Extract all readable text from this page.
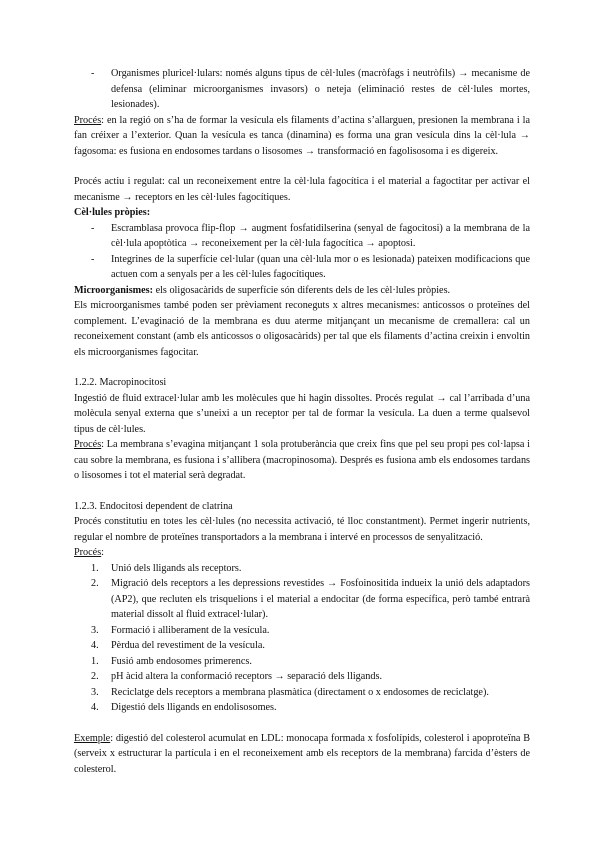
- Organismes pluricel·lulars: només alguns tipus de cèl·lules (macròfags i neutròfils) → mecanisme de defensa (eliminar microorganismes invasors) o neteja (eliminació restes de cèl·lules mortes, lesionades).

Procés: en la regió on s’ha de formar la vesícula els filaments d’actina s’allarguen, presionen la membrana i la fan créixer a l’exterior. Quan la vesícula es tanca (dinamina) es forma una gran vesícula dins la cèl·lula → fagosoma: es fusiona en endosomes tardans o lisosomes → transformació en fagolisosoma i es digereix.

Procés actiu i regulat: cal un reconeixement entre la cèl·lula fagocítica i el material a fagoctitar per activar el mecanisme → receptors en les cèl·lules fagocítiques.

Cèl·lules pròpies:

- Escramblasa provoca flip-flop → augment fosfatidilserina (senyal de fagocitosi) a la membrana de la cèl·lula apoptòtica → reconeixement per la cèl·lula fagocítica → apoptosi.
- Integrines de la superfície cel·lular (quan una cèl·lula mor o es lesionada) pateixen modificacions que actuen com a senyals per a les cèl·lules fagocítiques.

Microorganismes: els oligosacàrids de superfície són diferents dels de les cèl·lules pròpies.

Els microorganismes també poden ser prèviament reconeguts x altres mecanismes: anticossos o proteïnes del complement. L’evaginació de la membrana es duu aterme mitjançant un mecanisme de cremallera: cal un reconeixement constant (amb els anticossos o oligosacàrids) per tal que els filaments d’actina creixin i envoltin els microorganismes fagocitar.

1.2.2. Macropinocitosi

Ingestió de fluid extracel·lular amb les molècules que hi hagin dissoltes. Procés regulat → cal l’arribada d’una molècula senyal externa que s’uneixi a un receptor per tal de formar la vesícula. La duen a terme qualsevol tipus de cèl·lules.

Procés: La membrana s’evagina mitjançant 1 sola protuberància que creix fins que pel seu propi pes col·lapsa i cau sobre la membrana, es fusiona i s’allibera (macropinosoma). Després es fusiona amb els endosomes tardans o lisosomes i tot el material serà degradat.

1.2.3. Endocitosi dependent de clatrina

Procés constitutiu en totes les cèl·lules (no necessita activació, té lloc constantment). Permet ingerir nutrients, regular el nombre de proteïnes transportadors a la membrana i intervé en processos de senyalització.

Procés:

1. Unió dels lligands als receptors.
2. Migració dels receptors a les depressions revestides → Fosfoinositida indueix la unió dels adaptadors (AP2), que recluten els trisquelions i el material a endocitar (de forma específica, però també entrarà material dissolt al fluid extracel·lular).
3. Formació i alliberament de la vesícula.
4. Pèrdua del revestiment de la vesícula.
1. Fusió amb endosomes primerencs.
2. pH àcid altera la conformació receptors → separació dels lligands.
3. Reciclatge dels receptors a membrana plasmàtica (directament o x endosomes de reciclatge).
4. Digestió dels lligands en endolisosomes.

Exemple: digestió del colesterol acumulat en LDL: monocapa formada x fosfolípids, colesterol i apoproteïna B (serveix x estructurar la partícula i en el reconeixement amb els receptors de la membrana) farcida d’èsters de colesterol.
